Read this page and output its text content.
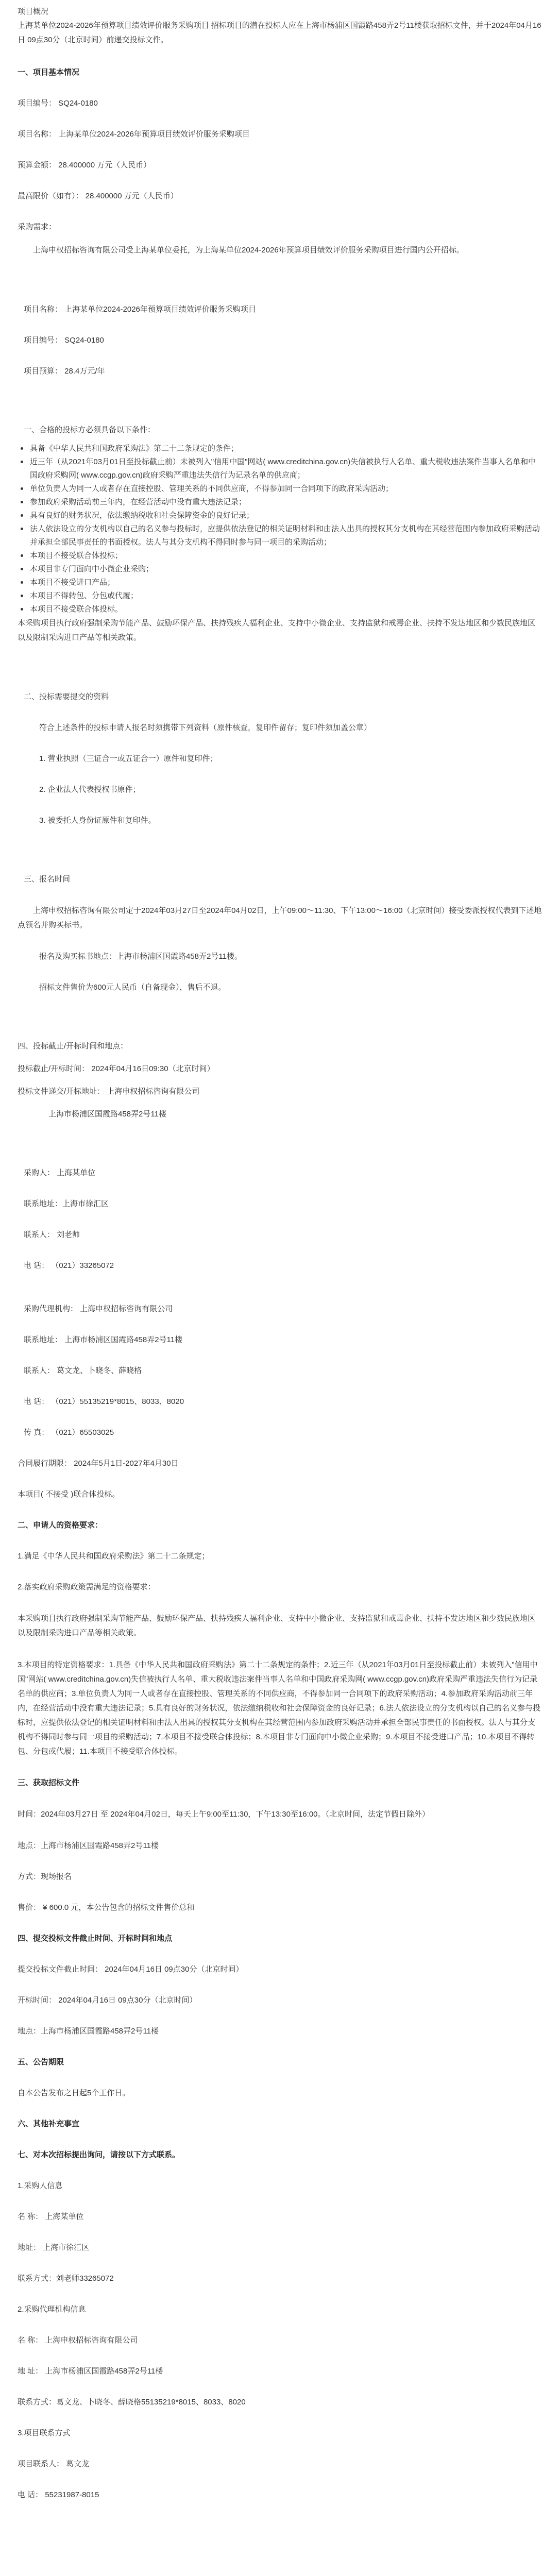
项目概况
上海某单位2024-2026年预算项目绩效评价服务采购项目 招标项目的潜在投标人应在上海市杨浦区国霞路458弄2号11楼获取招标文件，并于2024年04月16日 09点30分（北京时间）前递交投标文件。
一、项目基本情况
项目编号： SQ24-0180
项目名称： 上海某单位2024-2026年预算项目绩效评价服务采购项目
预算金额： 28.400000 万元（人民币）
最高限价（如有）： 28.400000 万元（人民币）
采购需求：
上海申权招标咨询有限公司受上海某单位委托，为上海某单位2024-2026年预算项目绩效评价服务采购项目进行国内公开招标。
项目名称： 上海某单位2024-2026年预算项目绩效评价服务采购项目
项目编号： SQ24-0180
项目预算： 28.4万元/年
一、合格的投标方必须具备以下条件：
具备《中华人民共和国政府采购法》第二十二条规定的条件；
近三年（从2021年03月01日至投标截止前）未被列入"信用中国"网站( www.creditchina.gov.cn)失信被执行人名单、重大税收违法案件当事人名单和中国政府采购网( www.ccgp.gov.cn)政府采购严重违法失信行为记录名单的供应商；
单位负责人为同一人或者存在直接控股、管理关系的不同供应商，不得参加同一合同项下的政府采购活动；
参加政府采购活动前三年内，在经营活动中没有重大违法记录；
具有良好的财务状况，依法缴纳税收和社会保障资金的良好记录；
法人依法设立的分支机构以自己的名义参与投标时，应提供依法登记的相关证明材料和由法人出具的授权其分支机构在其经营范围内参加政府采购活动并承担全部民事责任的书面授权。法人与其分支机构不得同时参与同一项目的采购活动；
本项目不接受联合体投标；
本项目非专门面向中小微企业采购；
本项目不接受进口产品；
本项目不得转包、分包或代履；
本项目不接受联合体投标。
本采购项目执行政府强制采购节能产品、鼓励环保产品、扶持残疾人福利企业、支持中小微企业、支持监狱和戒毒企业、扶持不发达地区和少数民族地区以及限制采购进口产品等相关政策。
二、投标需要提交的资料
符合上述条件的投标申请人报名时须携带下列资料（原件核查，复印件留存；复印件须加盖公章）
1. 营业执照（三证合一或五证合一）原件和复印件；
2. 企业法人代表授权书原件；
3. 被委托人身份证原件和复印件。
三、报名时间
上海申权招标咨询有限公司定于2024年03月27日至2024年04月02日，上午09:00～11:30、下午13:00～16:00（北京时间）接受委派授权代表到下述地点领名并购买标书。
报名及购买标书地点：上海市杨浦区国霞路458弄2号11楼。
招标文件售价为600元人民币（自备现金），售后不退。
四、投标截止/开标时间和地点：
投标截止/开标时间： 2024年04月16日09:30（北京时间）
投标文件递交/开标地址： 上海申权招标咨询有限公司
上海市杨浦区国霞路458弄2号11楼
采购人： 上海某单位
联系地址：上海市徐汇区
联系人： 刘老师
电 话： （021）33265072
采购代理机构： 上海申权招标咨询有限公司
联系地址： 上海市杨浦区国霞路458弄2号11楼
联系人： 葛文龙、卜晓冬、薛晓格
电 话： （021）55135219*8015、8033、8020
传 真： （021）65503025
合同履行期限： 2024年5月1日-2027年4月30日
本项目( 不接受 )联合体投标。
二、申请人的资格要求：
1.满足《中华人民共和国政府采购法》第二十二条规定；
2.落实政府采购政策需满足的资格要求：
本采购项目执行政府强制采购节能产品、鼓励环保产品、扶持残疾人福利企业、支持中小微企业、支持监狱和戒毒企业、扶持不发达地区和少数民族地区以及限制采购进口产品等相关政策。
3.本项目的特定资格要求：1.具备《中华人民共和国政府采购法》第二十二条规定的条件；2.近三年（从2021年03月01日至投标截止前）未被列入"信用中国"网站( www.creditchina.gov.cn)失信被执行人名单、重大税收违法案件当事人名单和中国政府采购网( www.ccgp.gov.cn)政府采购严重违法失信行为记录名单的供应商；3.单位负责人为同一人或者存在直接控股、管理关系的不同供应商，不得参加同一合同项下的政府采购活动；4.参加政府采购活动前三年内，在经营活动中没有重大违法记录；5.具有良好的财务状况，依法缴纳税收和社会保障资金的良好记录；6.法人依法设立的分支机构以自己的名义参与投标时，应提供依法登记的相关证明材料和由法人出具的授权其分支机构在其经营范围内参加政府采购活动并承担全部民事责任的书面授权。法人与其分支机构不得同时参与同一项目的采购活动；7.本项目不接受联合体投标；8.本项目非专门面向中小微企业采购；9.本项目不接受进口产品；10.本项目不得转包、分包或代履；11.本项目不接受联合体投标。
三、获取招标文件
时间：2024年03月27日 至 2024年04月02日，每天上午9:00至11:30，下午13:30至16:00。（北京时间，法定节假日除外）
地点：上海市杨浦区国霞路458弄2号11楼
方式：现场报名
售价： ¥ 600.0 元，本公告包含的招标文件售价总和
四、提交投标文件截止时间、开标时间和地点
提交投标文件截止时间： 2024年04月16日 09点30分（北京时间）
开标时间： 2024年04月16日 09点30分（北京时间）
地点：上海市杨浦区国霞路458弄2号11楼
五、公告期限
自本公告发布之日起5个工作日。
六、其他补充事宜
七、对本次招标提出询问，请按以下方式联系。
1.采购人信息
名 称： 上海某单位
地址： 上海市徐汇区
联系方式：刘老师33265072
2.采购代理机构信息
名 称： 上海申权招标咨询有限公司
地 址： 上海市杨浦区国霞路458弄2号11楼
联系方式：葛文龙、卜晓冬、薛晓格55135219*8015、8033、8020
3.项目联系方式
项目联系人： 葛文龙
电 话： 55231987-8015
